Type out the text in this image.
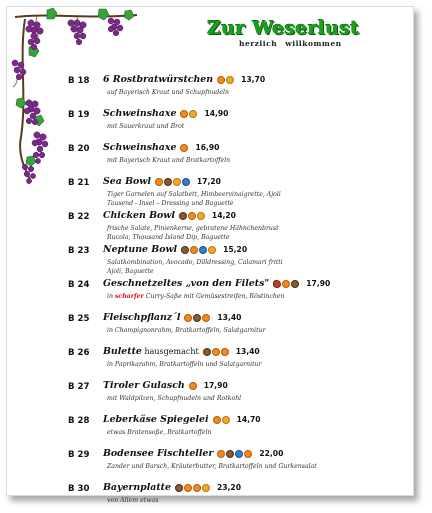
Zur Weserlust
herzlich willkommen
B 18 6 Rostbratwürstchen	13,70
auf Bayerisch Kraut und Schupfnudeln
B 19 Schweinshaxe	14,90
mit Sauerkraut und Brot
B 20 Schweinshaxe	16,90
mit Bayerisch Kraut und Bratkartoffeln
B 21 Sea Bowl	17,20
Tiger Garnelen auf Salatbett, Himbeervinaigrette, Ajoli
Tausend - Insel – Dressing und Baguette
B 22 Chicken Bowl	14,20
frische Salate, Pinienkerne, gebratene Hähnchenbrust
Rucola, Thousand Island Dip, Baguette
B 23 Neptune Bowl	15,20
Salatkombination, Avocado, Dilldressing, Calamari fritti
Ajoli, Baguette
B 24 Geschnetzeltes „von den Filets"	17,90
in scharfer Curry-Saße mit Gemüsestreifen, Röstinchen
B 25 Fleischpflanz´l	13,40
in Champignonrahm, Bratkartoffeln, Salatgarnitur
B 26 Bulette hausgemacht	13,40
in Paprikarahm, Bratkartoffeln und Salatgarnitur
B 27 Tiroler Gulasch	17,90
mit Waldpilzen, Schupfnudeln und Rotkohl
B 28 Leberkäse Spiegelei	14,70
etwas Bratensoße, Bratkartoffeln
B 29 Bodensee Fischteller	22,00
Zander und Barsch, Kräuterbutter, Bratkartoffeln und Gurkensalat
B 30 Bayernplatte	23,20
von Allem etwas
